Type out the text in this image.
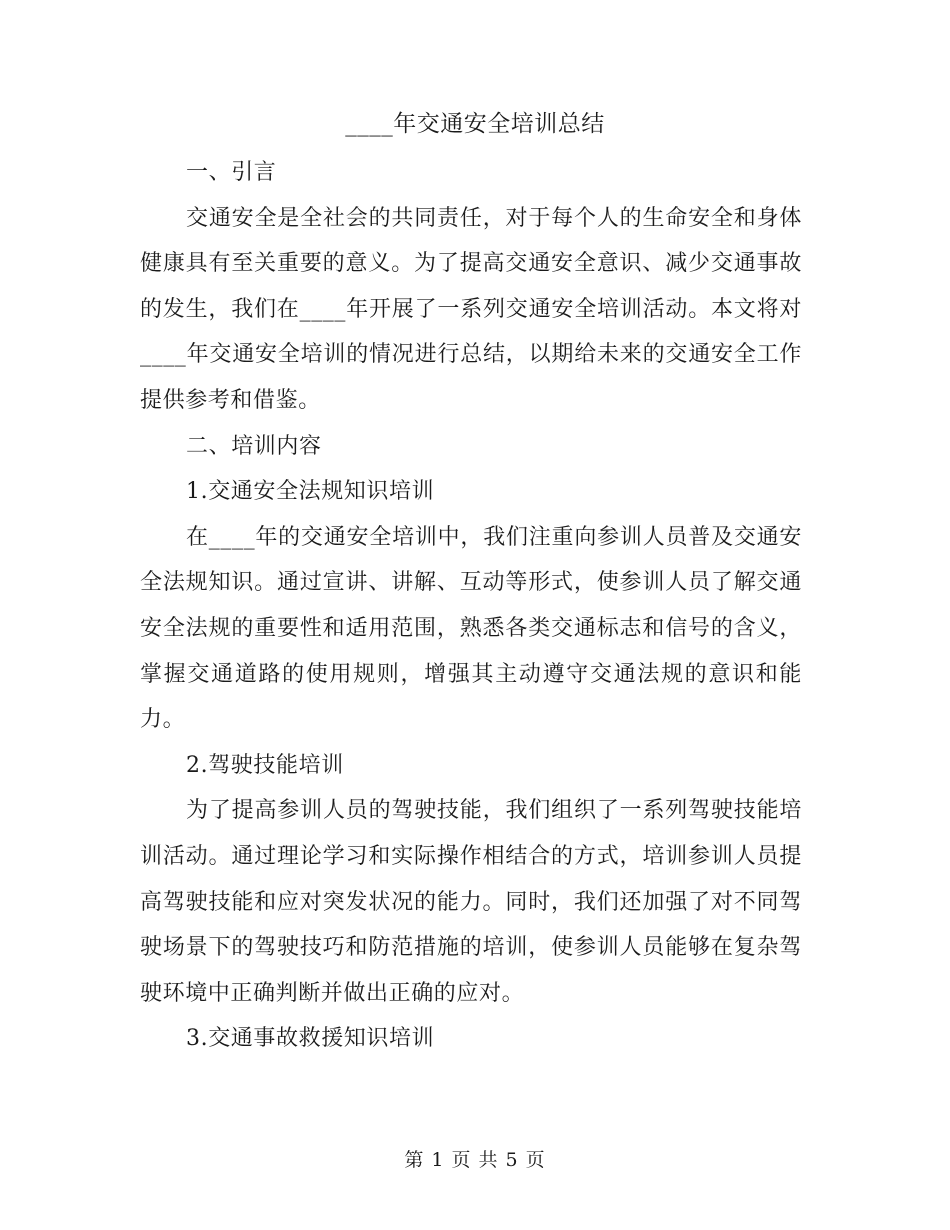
____年交通安全培训总结

一、引言

交通安全是全社会的共同责任，对于每个人的生命安全和身体健康具有至关重要的意义。为了提高交通安全意识、减少交通事故的发生，我们在____年开展了一系列交通安全培训活动。本文将对____年交通安全培训的情况进行总结，以期给未来的交通安全工作提供参考和借鉴。

二、培训内容

1.交通安全法规知识培训

在____年的交通安全培训中，我们注重向参训人员普及交通安全法规知识。通过宣讲、讲解、互动等形式，使参训人员了解交通安全法规的重要性和适用范围，熟悉各类交通标志和信号的含义，掌握交通道路的使用规则，增强其主动遵守交通法规的意识和能力。

2.驾驶技能培训

为了提高参训人员的驾驶技能，我们组织了一系列驾驶技能培训活动。通过理论学习和实际操作相结合的方式，培训参训人员提高驾驶技能和应对突发状况的能力。同时，我们还加强了对不同驾驶场景下的驾驶技巧和防范措施的培训，使参训人员能够在复杂驾驶环境中正确判断并做出正确的应对。

3.交通事故救援知识培训

第 1 页 共 5 页
